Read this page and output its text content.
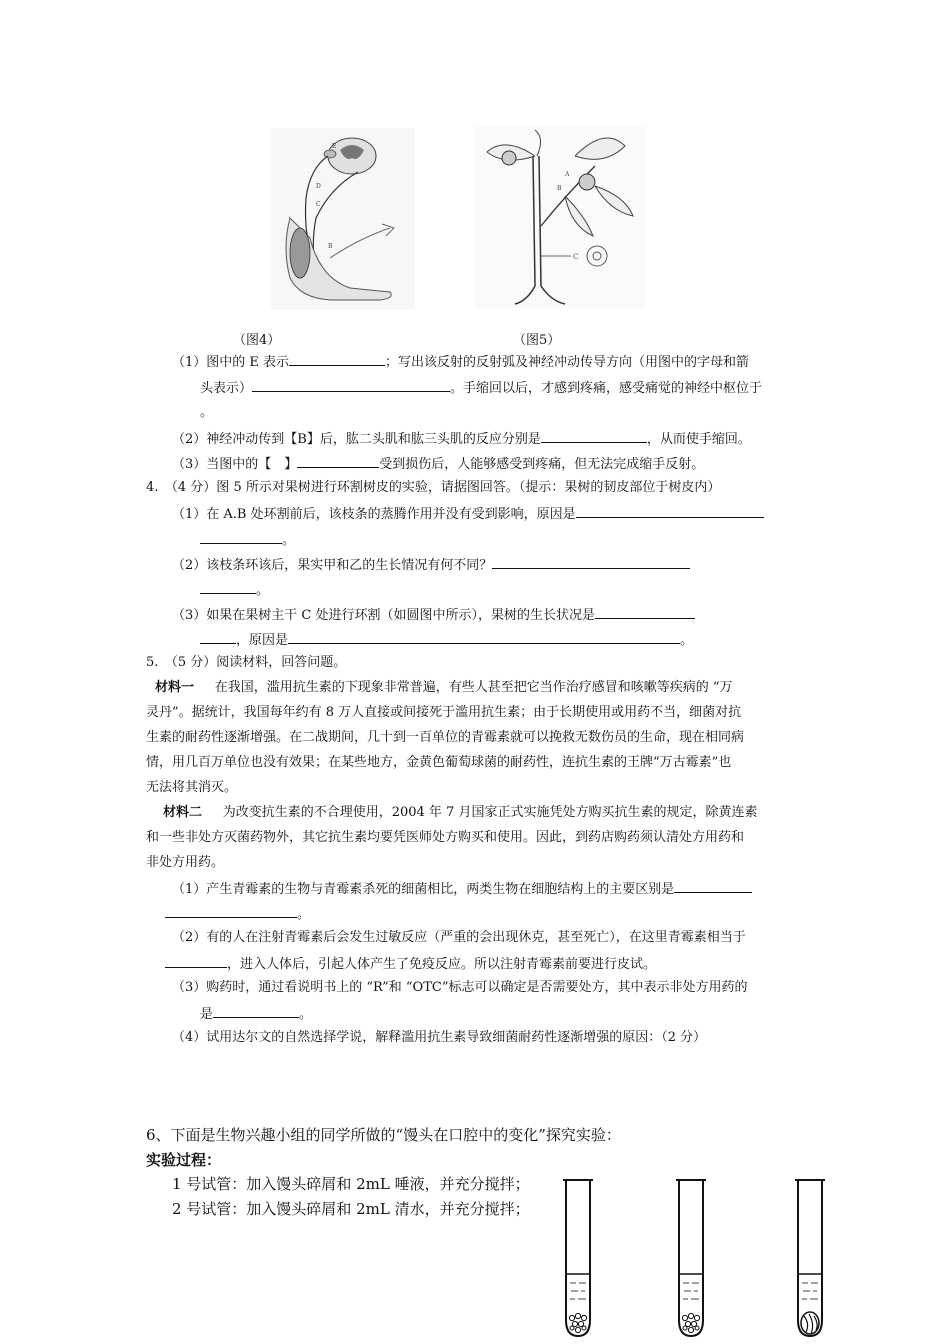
D
C
B
E
A
B
C
（图4）	（图5）
（1）图中的 E 表示	；写出该反射的反射弧及神经冲动传导方向（用图中的字母和箭
头表示）	。手缩回以后，才感到疼痛，感受痛觉的神经中枢位于
。
（2）神经冲动传到【B】后，肱二头肌和肱三头肌的反应分别是	，从而使手缩回。
（3）当图中的【　】	受到损伤后，人能够感受到疼痛，但无法完成缩手反射。
4.　（4 分）图 5 所示对果树进行环割树皮的实验，请据图回答。（提示：果树的韧皮部位于树皮内）
（1）在 A.B 处环割前后，该枝条的蒸腾作用并没有受到影响，原因是
。
（2）该枝条环该后，果实甲和乙的生长情况有何不同？
。
（3）如果在果树主干 C 处进行环割（如圆图中所示），果树的生长状况是
，原因是	。
5.　（5 分）阅读材料，回答问题。
材料一 在我国，滥用抗生素的下现象非常普遍，有些人甚至把它当作治疗感冒和咳嗽等疾病的 “万
灵丹”。据统计，我国每年约有 8 万人直接或间接死于滥用抗生素；由于长期使用或用药不当，细菌对抗
生素的耐药性逐渐增强。在二战期间，几十到一百单位的青霉素就可以挽救无数伤员的生命，现在相同病
情，用几百万单位也没有效果；在某些地方，金黄色葡萄球菌的耐药性，连抗生素的王牌“万古霉素”也
无法将其消灭。
材料二 为改变抗生素的不合理使用，2004 年 7 月国家正式实施凭处方购买抗生素的规定，除黄连素
和一些非处方灭菌药物外，其它抗生素均要凭医师处方购买和使用。因此，到药店购药须认清处方用药和
非处方用药。
（1）产生青霉素的生物与青霉素杀死的细菌相比，两类生物在细胞结构上的主要区别是
。
（2）有的人在注射青霉素后会发生过敏反应（严重的会出现休克，甚至死亡），在这里青霉素相当于
，进入人体后，引起人体产生了免疫反应。所以注射青霉素前要进行皮试。
（3）购药时，通过看说明书上的 “R”和 “OTC”标志可以确定是否需要处方，其中表示非处方用药的
是	。
（4）试用达尔文的自然选择学说，解释滥用抗生素导致细菌耐药性逐渐增强的原因：（2 分）
6、下面是生物兴趣小组的同学所做的“馒头在口腔中的变化”探究实验：
实验过程：
1 号试管：加入馒头碎屑和 2mL 唾液，并充分搅拌；
2 号试管：加入馒头碎屑和 2mL 清水，并充分搅拌；
